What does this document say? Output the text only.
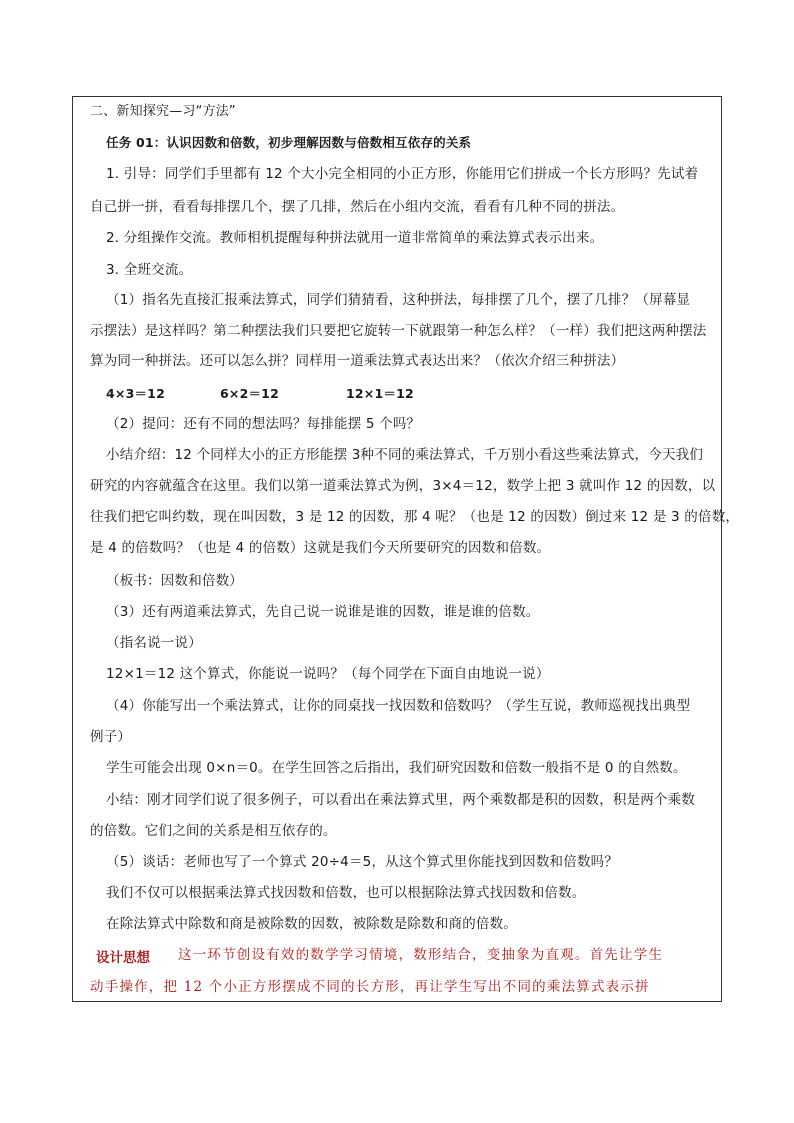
二、新知探究—习“方法”
任务 01：认识因数和倍数，初步理解因数与倍数相互依存的关系
1. 引导：同学们手里都有 12 个大小完全相同的小正方形，你能用它们拼成一个长方形吗？先试着
自己拼一拼，看看每排摆几个，摆了几排，然后在小组内交流，看看有几种不同的拼法。
2. 分组操作交流。教师相机提醒每种拼法就用一道非常简单的乘法算式表示出来。
3. 全班交流。
（1）指名先直接汇报乘法算式，同学们猜猜看，这种拼法，每排摆了几个，摆了几排？（屏幕显
示摆法）是这样吗？第二种摆法我们只要把它旋转一下就跟第一种怎么样？（一样）我们把这两种摆法
算为同一种拼法。还可以怎么拼？同样用一道乘法算式表达出来？（依次介绍三种拼法）
4×3＝12	6×2＝12	12×1＝12
（2）提问：还有不同的想法吗？每排能摆 5 个吗？
小结介绍：12 个同样大小的正方形能摆 3种不同的乘法算式，千万别小看这些乘法算式，今天我们
研究的内容就蕴含在这里。我们以第一道乘法算式为例，3×4＝12，数学上把 3 就叫作 12 的因数，以
往我们把它叫约数，现在叫因数，3 是 12 的因数，那 4 呢？（也是 12 的因数）倒过来 12 是 3 的倍数，
是 4 的倍数吗？（也是 4 的倍数）这就是我们今天所要研究的因数和倍数。
（板书：因数和倍数）
（3）还有两道乘法算式，先自己说一说谁是谁的因数，谁是谁的倍数。
（指名说一说）
12×1＝12 这个算式，你能说一说吗？（每个同学在下面自由地说一说）
（4）你能写出一个乘法算式，让你的同桌找一找因数和倍数吗？（学生互说，教师巡视找出典型
例子）
学生可能会出现 0×n＝0。在学生回答之后指出，我们研究因数和倍数一般指不是 0 的自然数。
小结：刚才同学们说了很多例子，可以看出在乘法算式里，两个乘数都是积的因数，积是两个乘数
的倍数。它们之间的关系是相互依存的。
（5）谈话：老师也写了一个算式 20÷4＝5，从这个算式里你能找到因数和倍数吗？
我们不仅可以根据乘法算式找因数和倍数，也可以根据除法算式找因数和倍数。
在除法算式中除数和商是被除数的因数，被除数是除数和商的倍数。
设计思想 这一环节创设有效的数学学习情境，数形结合，变抽象为直观。首先让学生
动手操作，把 12 个小正方形摆成不同的长方形，再让学生写出不同的乘法算式表示拼
